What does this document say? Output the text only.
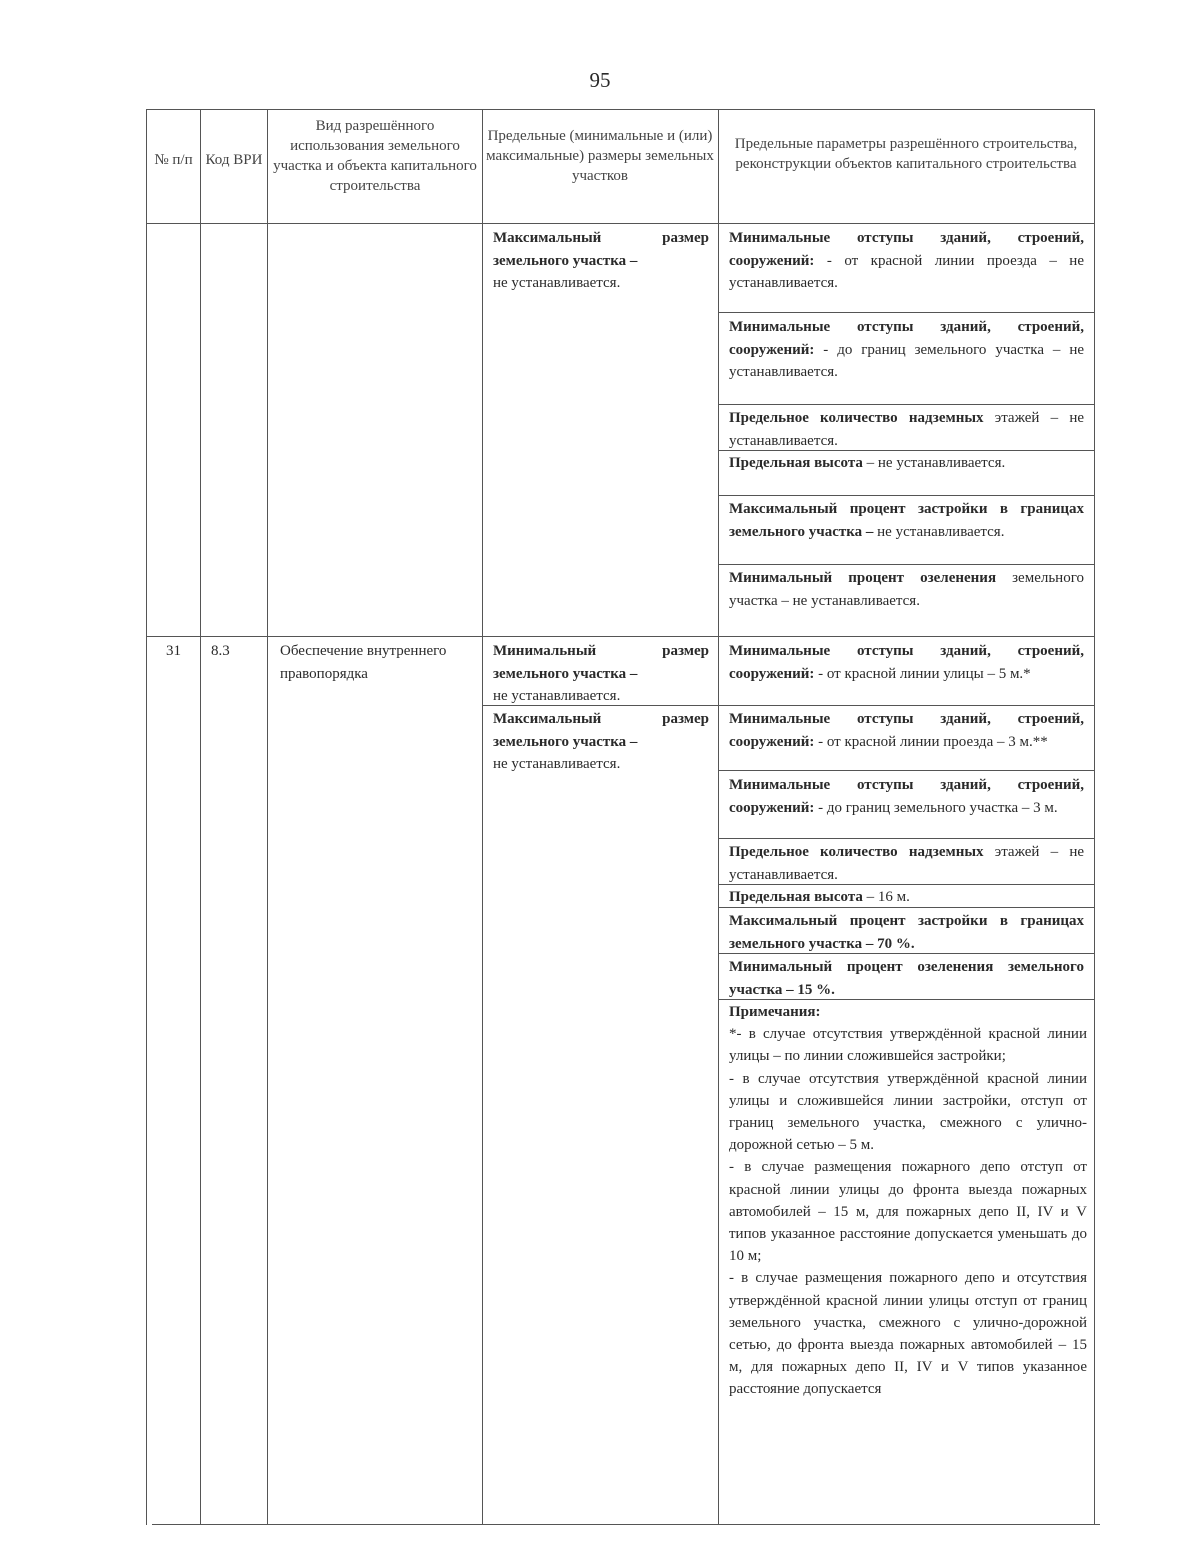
95
№ п/п Код ВРИ
Вид разрешённого использования земельного участка и объекта капитального строительства
Предельные (минимальные и (или) максимальные) размеры земельных участков
Предельные параметры разрешённого строительства, реконструкции объектов капитального строительства
Максимальный размер земельного участка –
не устанавливается.
Минимальные отступы зданий, строений, сооружений: - от красной линии проезда – не устанавливается.
Минимальные отступы зданий, строений, сооружений: - до границ земельного участка – не устанавливается.
Предельное количество надземных этажей – не устанавливается.
Предельная высота – не устанавливается.
Максимальный процент застройки в границах земельного участка – не устанавливается.
Минимальный процент озеленения земельного участка – не устанавливается.
31	8.3	Обеспечение внутреннего правопорядка
Минимальный размер земельного участка –
не устанавливается.
Максимальный размер земельного участка –
не устанавливается.
Минимальные отступы зданий, строений, сооружений: - от красной линии улицы – 5 м.*
Минимальные отступы зданий, строений, сооружений: - от красной линии проезда – 3 м.**
Минимальные отступы зданий, строений, сооружений: - до границ земельного участка – 3 м.
Предельное количество надземных этажей – не устанавливается.
Предельная высота – 16 м.
Максимальный процент застройки в границах земельного участка – 70 %.
Минимальный процент озеленения земельного участка – 15 %.
Примечания:
*- в случае отсутствия утверждённой красной линии улицы – по линии сложившейся застройки;
- в случае отсутствия утверждённой красной линии улицы и сложившейся линии застройки, отступ от границ земельного участка, смежного с улично-дорожной сетью – 5 м.
- в случае размещения пожарного депо отступ от красной линии улицы до фронта выезда пожарных автомобилей – 15 м, для пожарных депо II, IV и V типов указанное расстояние допускается уменьшать до 10 м;
- в случае размещения пожарного депо и отсутствия утверждённой красной линии улицы отступ от границ земельного участка, смежного с улично-дорожной сетью, до фронта выезда пожарных автомобилей – 15 м, для пожарных депо II, IV и V типов указанное расстояние допускается
